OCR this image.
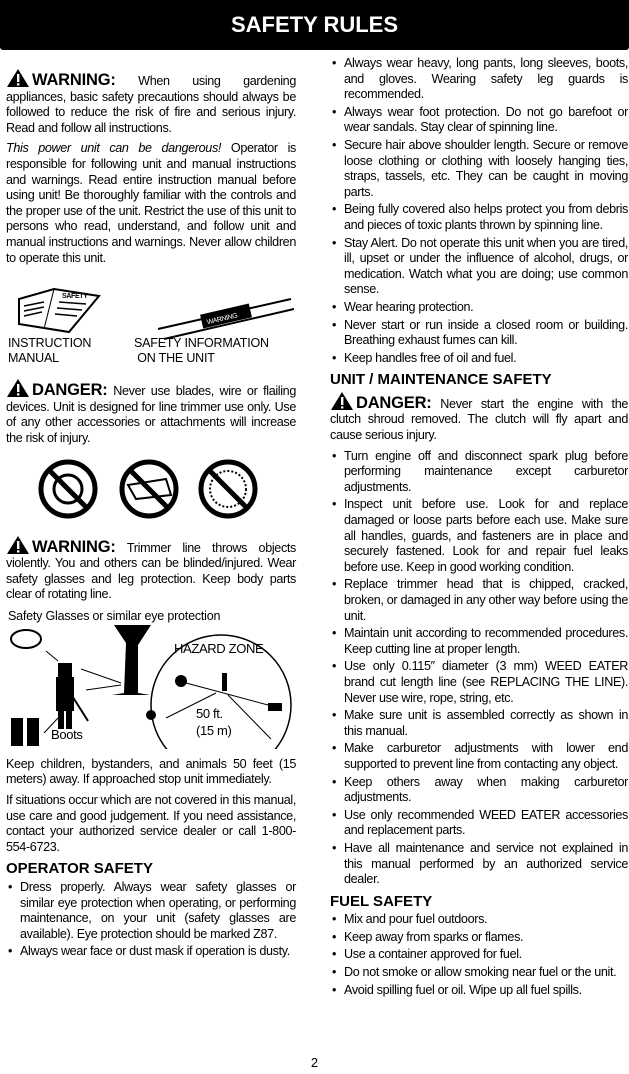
SAFETY RULES

WARNING: When using gardening appliances, basic safety precautions should always be followed to reduce the risk of fire and serious injury. Read and follow all instructions.

This power unit can be dangerous! Operator is responsible for following unit and manual instructions and warnings. Read entire instruction manual before using unit! Be thoroughly familiar with the controls and the proper use of the unit. Restrict the use of this unit to persons who read, understand, and follow unit and manual instructions and warnings. Never allow children to operate this unit.

SAFETY
WARNING
INSTRUCTION
MANUAL
SAFETY INFORMATION
ON THE UNIT

DANGER: Never use blades, wire or flailing devices. Unit is designed for line trimmer use only. Use of any other accessories or attachments will increase the risk of injury.

WARNING: Trimmer line throws objects violently. You and others can be blinded/injured. Wear safety glasses and leg protection. Keep body parts clear of rotating line.

Safety Glasses or similar eye protection
HAZARD ZONE
50 ft.
(15 m)
Boots

Keep children, bystanders, and animals 50 feet (15 meters) away. If approached stop unit immediately.

If situations occur which are not covered in this manual, use care and good judgement. If you need assistance, contact your authorized service dealer or call 1-800-554-6723.

OPERATOR SAFETY
• Dress properly. Always wear safety glasses or similar eye protection when operating, or performing maintenance, on your unit (safety glasses are available). Eye protection should be marked Z87.
• Always wear face or dust mask if operation is dusty.
• Always wear heavy, long pants, long sleeves, boots, and gloves. Wearing safety leg guards is recommended.
• Always wear foot protection. Do not go barefoot or wear sandals. Stay clear of spinning line.
• Secure hair above shoulder length. Secure or remove loose clothing or clothing with loosely hanging ties, straps, tassels, etc. They can be caught in moving parts.
• Being fully covered also helps protect you from debris and pieces of toxic plants thrown by spinning line.
• Stay Alert. Do not operate this unit when you are tired, ill, upset or under the influence of alcohol, drugs, or medication. Watch what you are doing; use common sense.
• Wear hearing protection.
• Never start or run inside a closed room or building. Breathing exhaust fumes can kill.
• Keep handles free of oil and fuel.
UNIT / MAINTENANCE SAFETY

DANGER: Never start the engine with the clutch shroud removed. The clutch will fly apart and cause serious injury.

• Turn engine off and disconnect spark plug before performing maintenance except carburetor adjustments.
• Inspect unit before use. Look for and replace damaged or loose parts before each use. Make sure all handles, guards, and fasteners are in place and securely fastened. Look for and repair fuel leaks before use. Keep in good working condition.
• Replace trimmer head that is chipped, cracked, broken, or damaged in any other way before using the unit.
• Maintain unit according to recommended procedures. Keep cutting line at proper length.
• Use only 0.115″ diameter (3 mm) WEED EATER brand cut length line (see REPLACING THE LINE). Never use wire, rope, string, etc.
• Make sure unit is assembled correctly as shown in this manual.
• Make carburetor adjustments with lower end supported to prevent line from contacting any object.
• Keep others away when making carburetor adjustments.
• Use only recommended WEED EATER accessories and replacement parts.
• Have all maintenance and service not explained in this manual performed by an authorized service dealer.
FUEL SAFETY
• Mix and pour fuel outdoors.
• Keep away from sparks or flames.
• Use a container approved for fuel.
• Do not smoke or allow smoking near fuel or the unit.
• Avoid spilling fuel or oil. Wipe up all fuel spills.
2
